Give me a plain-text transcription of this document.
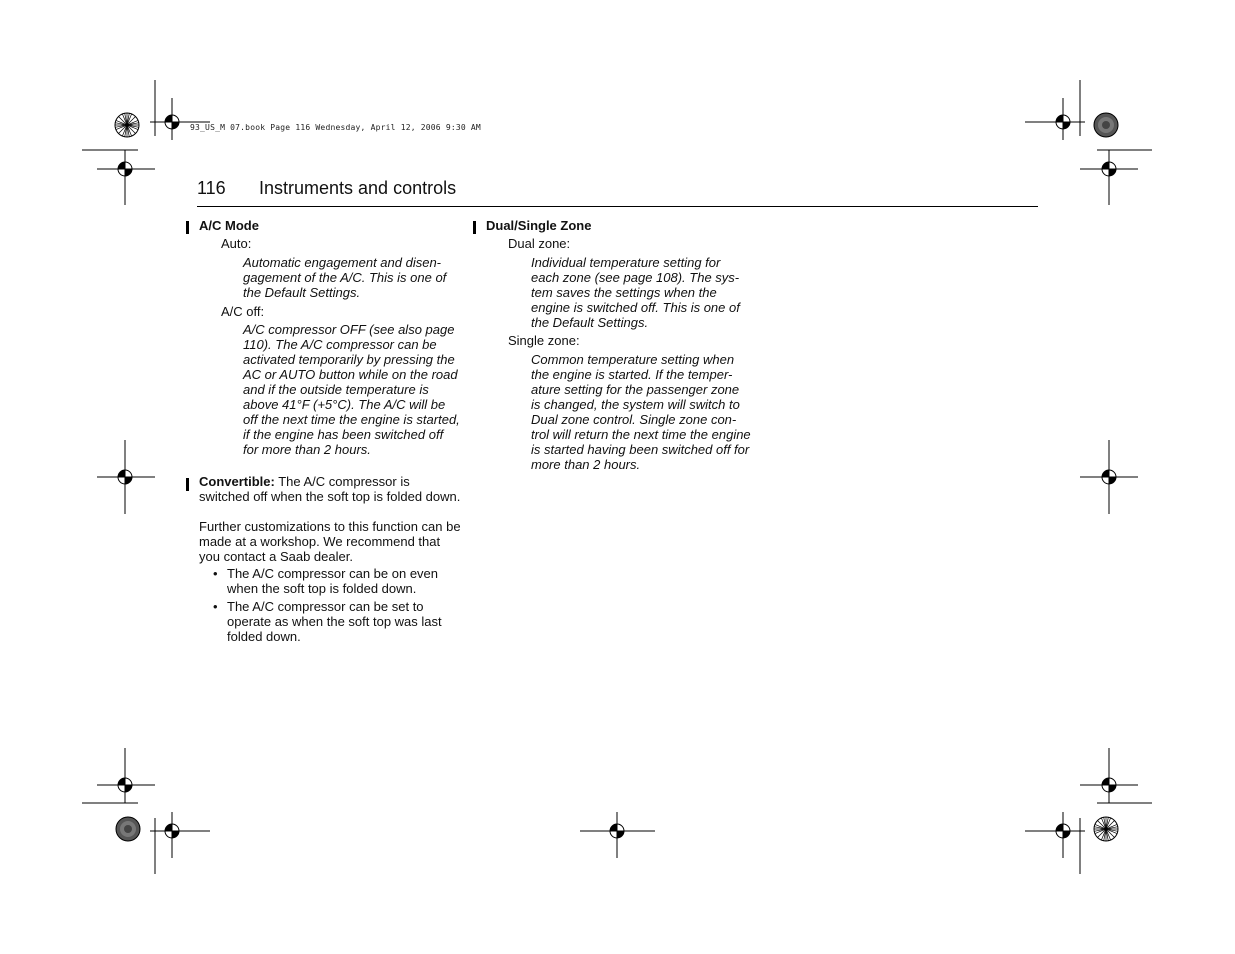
93_US_M 07.book Page 116 Wednesday, April 12, 2006 9:30 AM
116 Instruments and controls
A/C Mode
Auto:
Automatic engagement and disen-gagement of the A/C. This is one of the Default Settings.
A/C off:
A/C compressor OFF (see also page 110). The A/C compressor can be activated temporarily by pressing the AC or AUTO button while on the road and if the outside temperature is above 41°F (+5°C). The A/C will be off the next time the engine is started, if the engine has been switched off for more than 2 hours.
Convertible: The A/C compressor is switched off when the soft top is folded down.
Further customizations to this function can be made at a workshop. We recommend that you contact a Saab dealer.
• The A/C compressor can be on even when the soft top is folded down.
• The A/C compressor can be set to operate as when the soft top was last folded down.
Dual/Single Zone
Dual zone:
Individual temperature setting for each zone (see page 108). The sys-tem saves the settings when the engine is switched off. This is one of the Default Settings.
Single zone:
Common temperature setting when the engine is started. If the temper-ature setting for the passenger zone is changed, the system will switch to Dual zone control. Single zone con-trol will return the next time the engine is started having been switched off for more than 2 hours.
